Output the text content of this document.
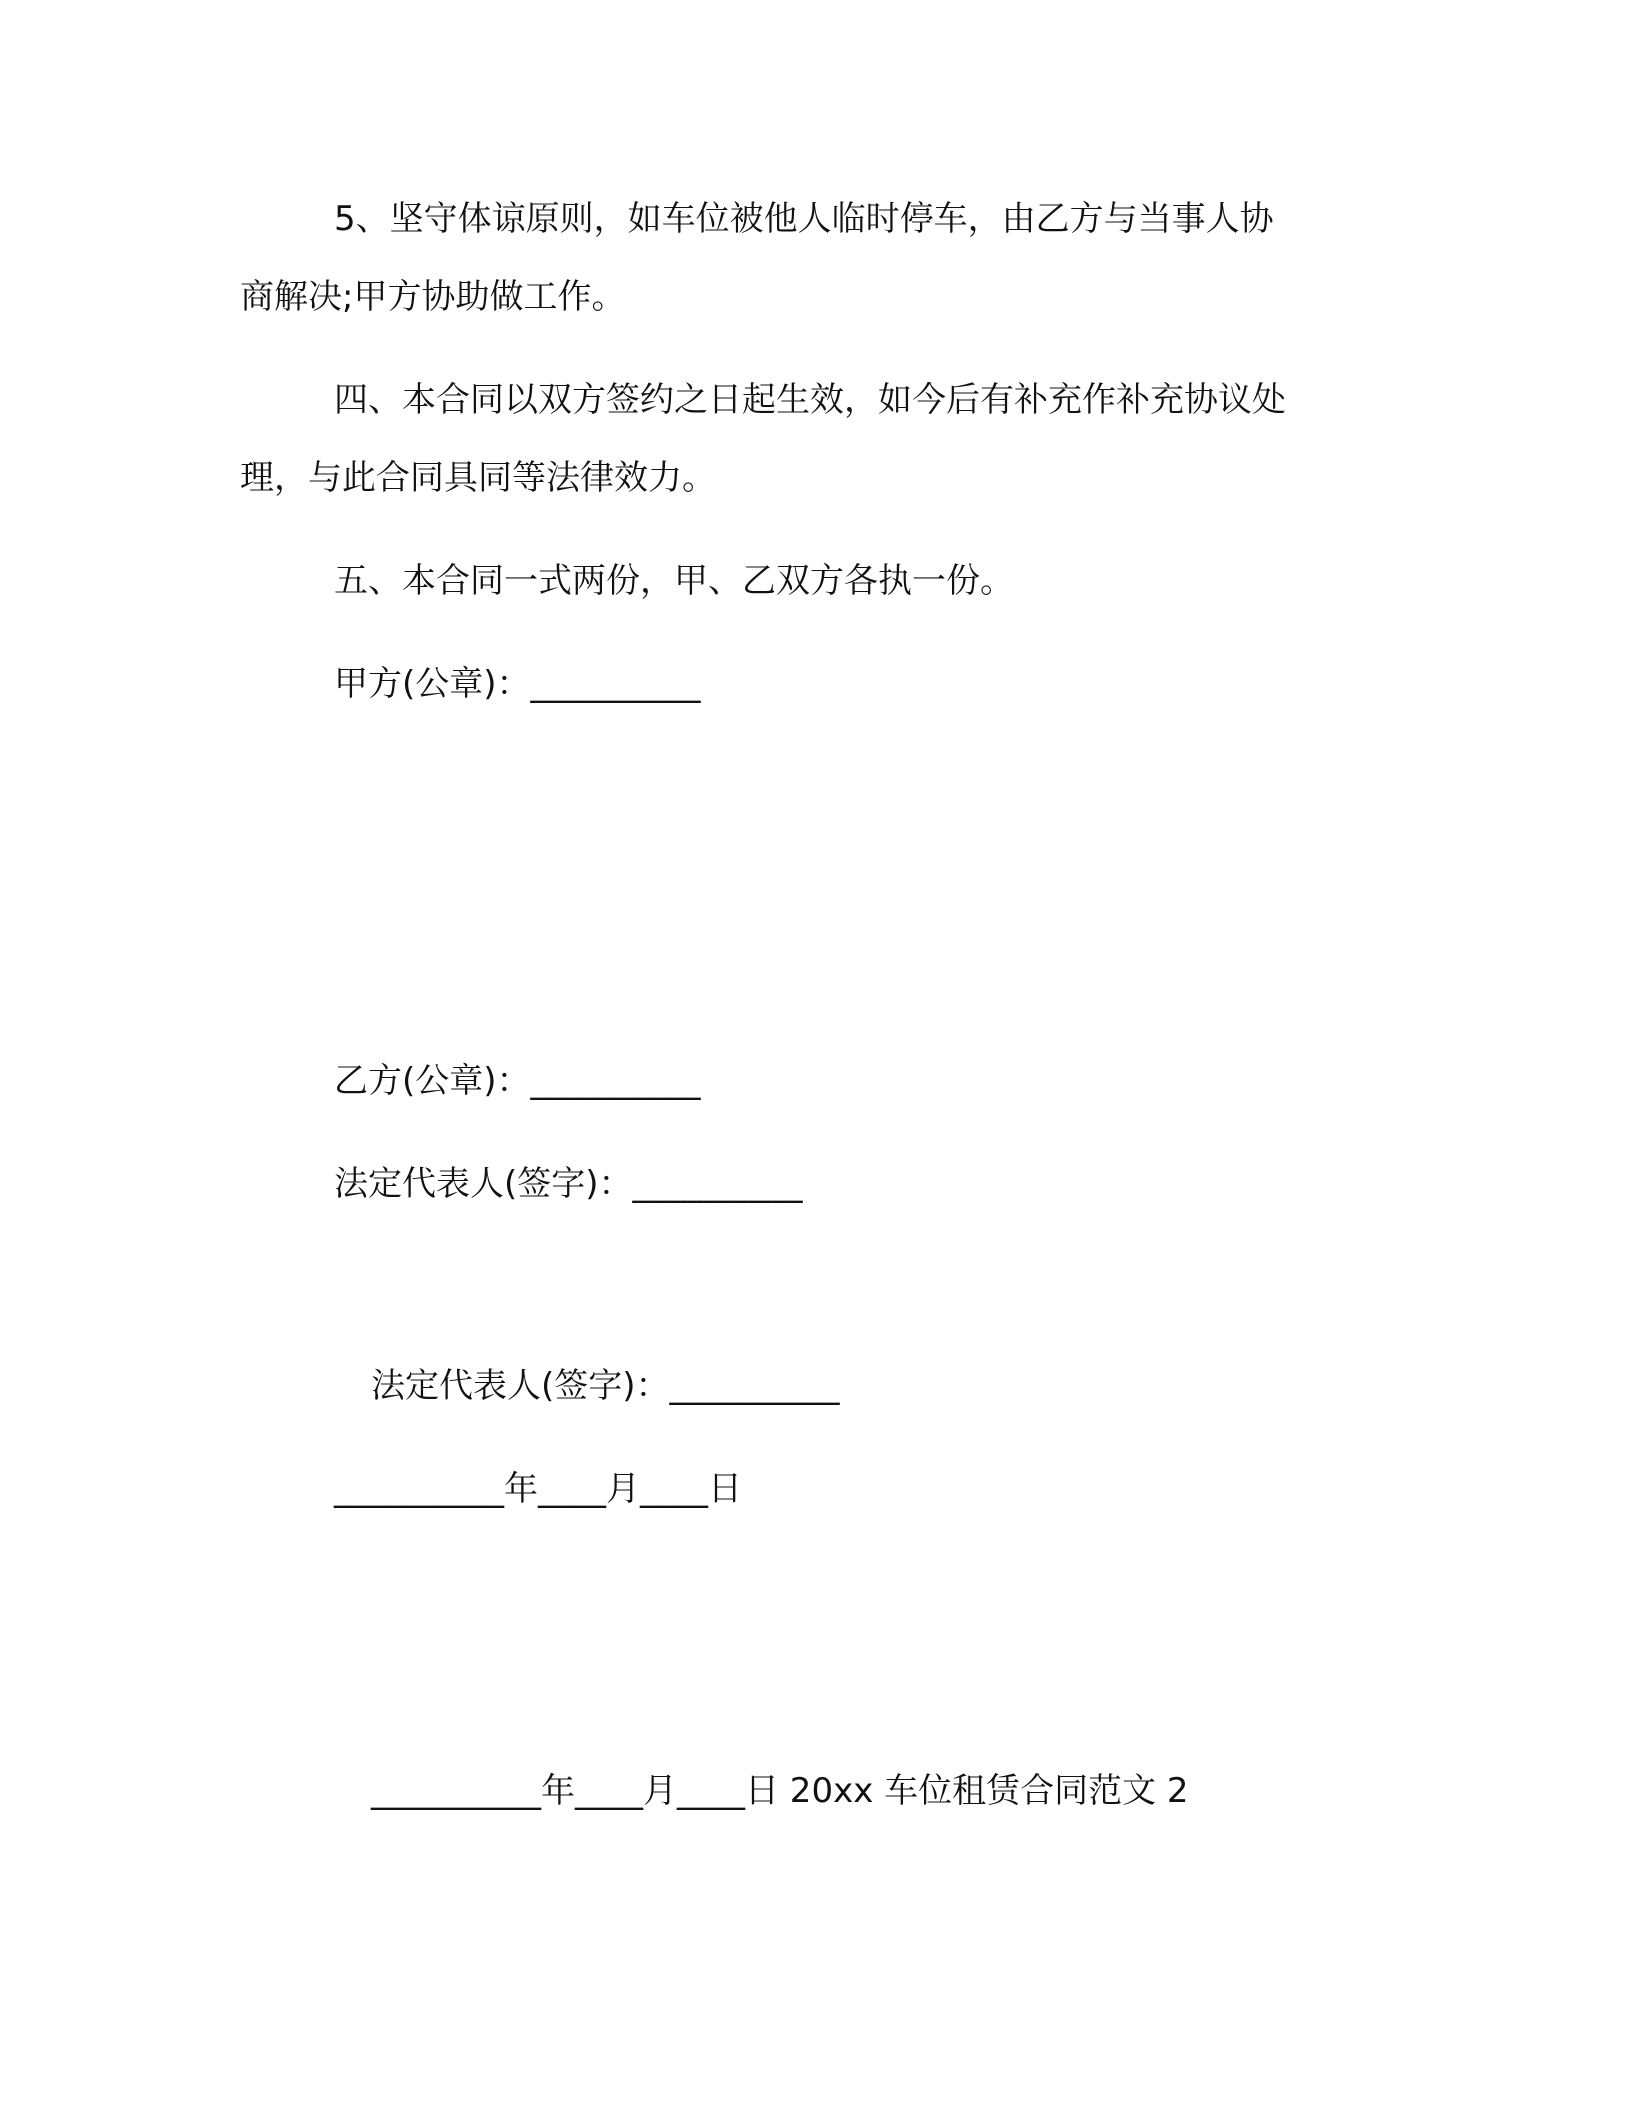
5、坚守体谅原则，如车位被他人临时停车，由乙方与当事人协

商解决;甲方协助做工作。

四、本合同以双方签约之日起生效，如今后有补充作补充协议处

理，与此合同具同等法律效力。

五、本合同一式两份，甲、乙双方各执一份。

甲方(公章)：__________

乙方(公章)：__________

法定代表人(签字)：__________

法定代表人(签字)：__________

__________年____月____日

__________年____月____日 20xx 车位租赁合同范文 2
